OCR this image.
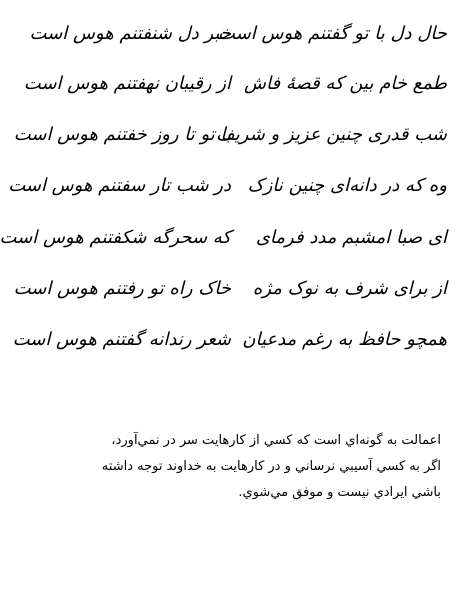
حال دل با تو گفتنم هوس است
خبر دل شنفتنم هوس است
طمع خام بین که قصهٔ فاش
از رقیبان نهفتنم هوس است
شب قدری چنین عزیز و شریف
با تو تا روز خفتنم هوس است
وه که در دانه‌ای چنین نازک
در شب تار سفتنم هوس است
ای صبا امشبم مدد فرمای
که سحرگه شکفتنم هوس است
از برای شرف به نوک مژه
خاک راه تو رفتنم هوس است
همچو حافظ به رغم مدعیان
شعر رندانه گفتنم هوس است

اعمالت به گونه‌اي است که کسي از کارهايت سر در نمي‌آورد،

اگر به کسي آسيبي نرساني و در کارهايت به خداوند توجه داشته

باشي ايرادي نيست و موفق مي‌شوي.
